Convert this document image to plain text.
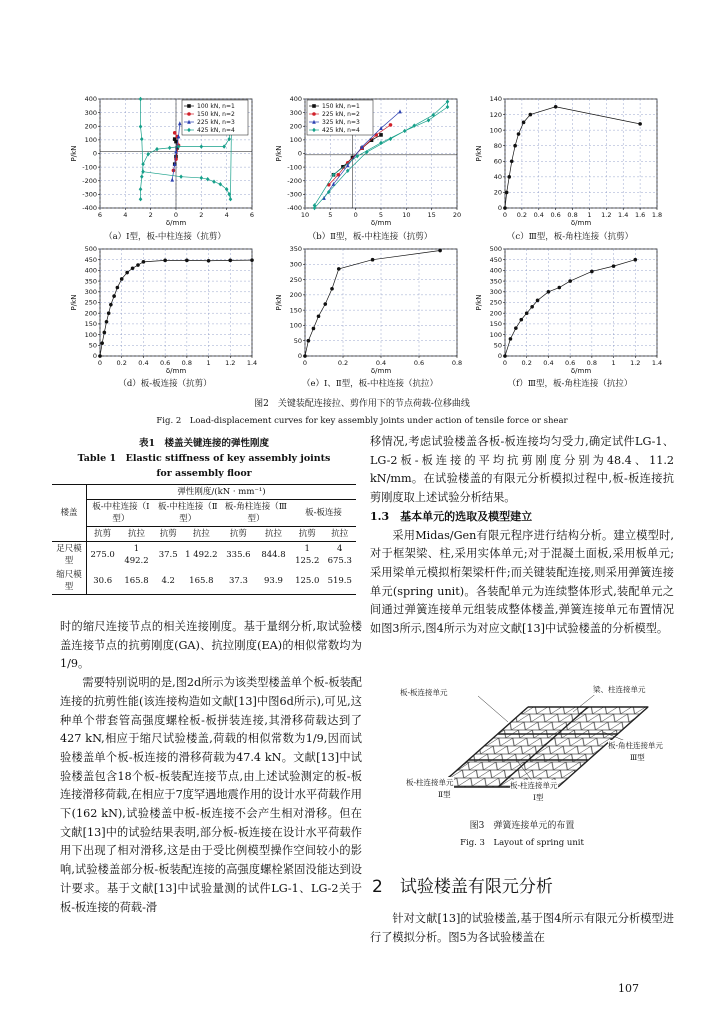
6	4	2	0	2	4	6
400
300
200
100
0
-100
-200
-300
-400
δ/mm
P/kN
100 kN, n=1
150 kN, n=2
225 kN, n=3
425 kN, n=4
10	5	0	5	10	15	20
400
300
200
100
0
-100
-200
-300
-400
δ/mm
P/kN
150 kN, n=1
225 kN, n=2
325 kN, n=3
425 kN, n=4
0 0.2 0.4 0.6 0.8 1 1.2 1.4 1.6 1.8
0
20
40
60
80
100
120
140
δ/mm
P/kN
（a）Ⅰ型，板-中柱连接（抗剪）	（b）Ⅱ型，板-中柱连接（抗剪）	（c）Ⅲ型，板-角柱连接（抗剪）
0 0.2 0.4 0.6 0.8 1 1.2 1.4
0
50
100
150
200
250
300
350
400
450
500
δ/mm
P/kN
0	0.2	0.4	0.6	0.8
0
50
100
150
200
250
300
350
δ/mm
P/kN
0 0.2 0.4 0.6 0.8 1 1.2 1.4
0
50
100
150
200
250
300
350
400
450
500
δ/mm
P/kN
（d）板-板连接（抗剪）	（e）Ⅰ、Ⅱ型，板-中柱连接（抗拉）	（f）Ⅲ型，板-角柱连接（抗拉）
图2　关键装配连接拉、剪作用下的节点荷载-位移曲线
Fig. 2　Load-displacement curves for key assembly joints under action of tensile force or shear
表1　楼盖关键连接的弹性刚度
Table 1　Elastic stiffness of key assembly joints
for assembly floor
楼盖	弹性刚度/(kN · mm⁻¹)							
	板-中柱连接（Ⅰ型）		板-中柱连接（Ⅱ型）		板-角柱连接（Ⅲ型）		板-板连接	
	抗剪	抗拉	抗剪	抗拉	抗剪	抗拉	抗剪	抗拉
足尺模型	275.0	1 492.2	37.5	1 492.2	335.6	844.8	1 125.2	4 675.3
缩尺模型	30.6	165.8	4.2	165.8	37.3	93.9	125.0	519.5

时的缩尺连接节点的相关连接刚度。基于量纲分析,取试验楼盖连接节点的抗剪刚度(GA)、抗拉刚度(EA)的相似常数均为1/9。

需要特别说明的是,图2d所示为该类型楼盖单个板-板装配连接的抗剪性能(该连接构造如文献[13]中图6d所示),可见,这种单个带套管高强度螺栓板-板拼装连接,其滑移荷载达到了427 kN,相应于缩尺试验楼盖,荷载的相似常数为1/9,因而试验楼盖单个板-板连接的滑移荷载为47.4 kN。文献[13]中试验楼盖包含18个板-板装配连接节点,由上述试验测定的板-板连接滑移荷载,在相应于7度罕遇地震作用的设计水平荷载作用下(162 kN),试验楼盖中板-板连接不会产生相对滑移。但在文献[13]中的试验结果表明,部分板-板连接在设计水平荷载作用下出现了相对滑移,这是由于受比例模型操作空间较小的影响,试验楼盖部分板-板装配连接的高强度螺栓紧固没能达到设计要求。基于文献[13]中试验量测的试件LG-1、LG-2关于板-板连接的荷载-滑

移情况,考虑试验楼盖各板-板连接均匀受力,确定试件LG-1、LG-2板-板连接的平均抗剪刚度分别为48.4、11.2 kN/mm。在试验楼盖的有限元分析模拟过程中,板-板连接抗剪刚度取上述试验分析结果。

1.3　基本单元的选取及模型建立

采用Midas/Gen有限元程序进行结构分析。建立模型时,对于框架梁、柱,采用实体单元;对于混凝土面板,采用板单元;采用梁单元模拟桁架梁杆件;而关键装配连接,则采用弹簧连接单元(spring unit)。各装配单元为连续整体形式,装配单元之间通过弹簧连接单元组装成整体楼盖,弹簧连接单元布置情况如图3所示,图4所示为对应文献[13]中试验楼盖的分析模型。

板-板连接单元	梁、柱连接单元
板-角柱连接单元
Ⅲ型
板-柱连接单元
Ⅱ型
板-柱连接单元
Ⅰ型
图3　弹簧连接单元的布置
Fig. 3　Layout of spring unit
2　试验楼盖有限元分析
针对文献[13]的试验楼盖,基于图4所示有限元分析模型进行了模拟分析。图5为各试验楼盖在
107
